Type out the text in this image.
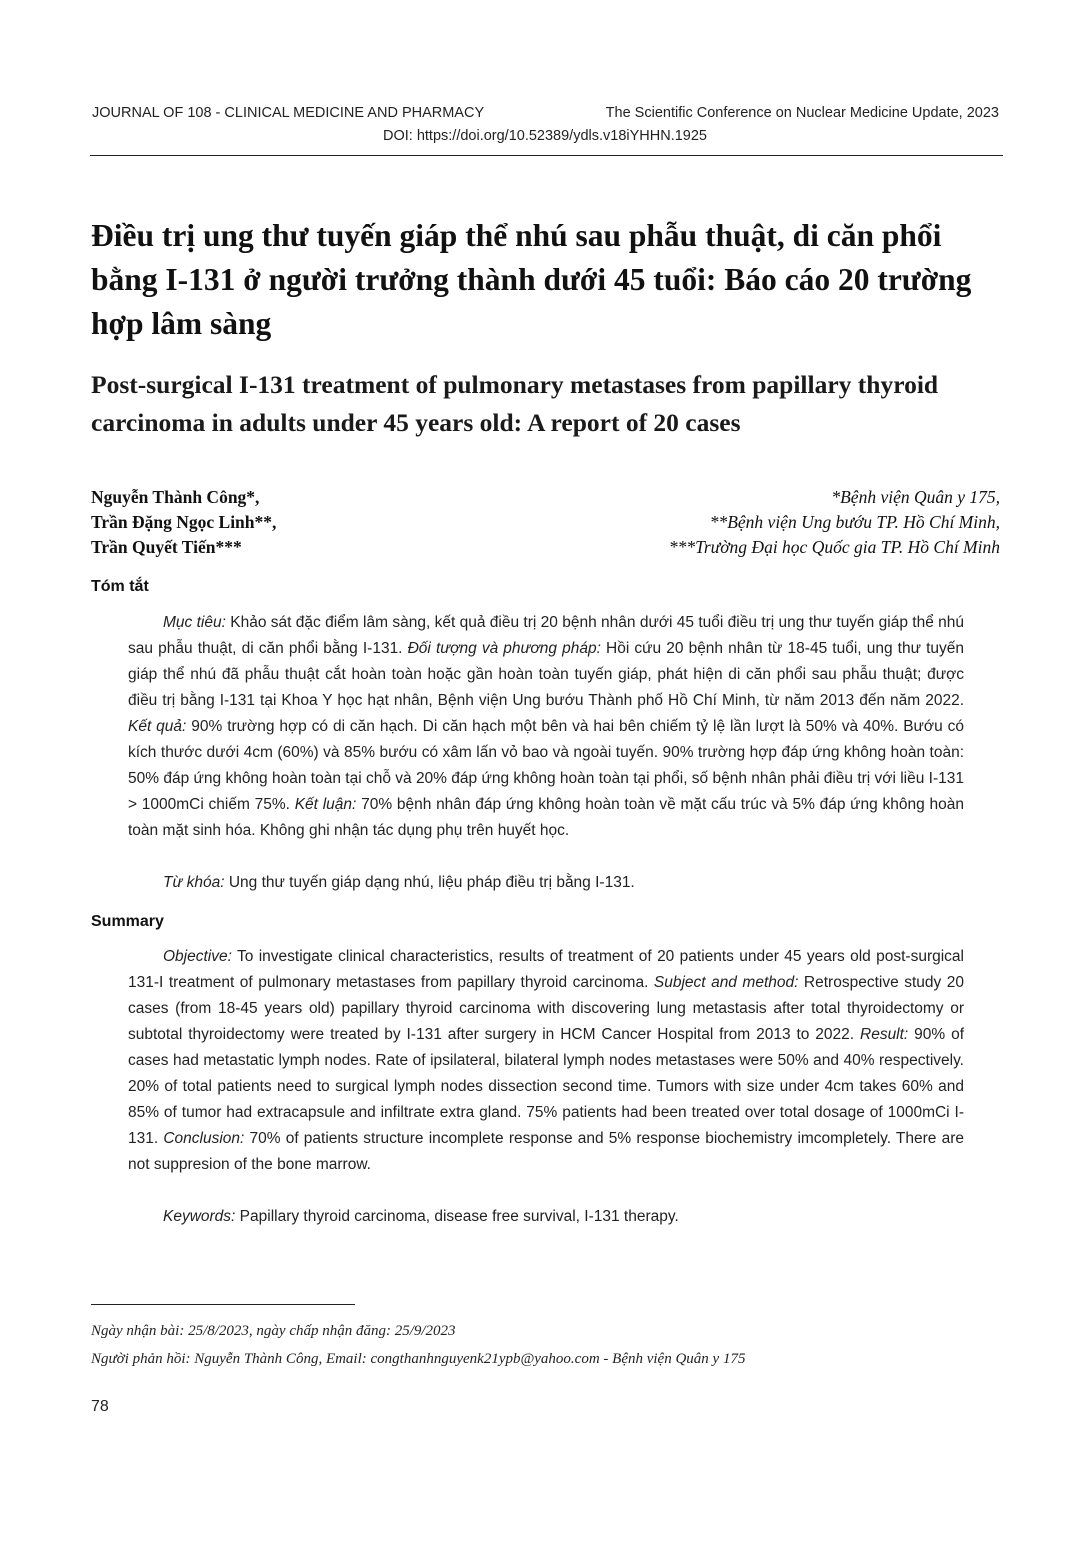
JOURNAL OF 108 - CLINICAL MEDICINE AND PHARMACY	The Scientific Conference on Nuclear Medicine Update, 2023
DOI: https://doi.org/10.52389/ydls.v18iYHHN.1925
Điều trị ung thư tuyến giáp thể nhú sau phẫu thuật, di căn phổi bằng I-131 ở người trưởng thành dưới 45 tuổi: Báo cáo 20 trường hợp lâm sàng
Post-surgical I-131 treatment of pulmonary metastases from papillary thyroid carcinoma in adults under 45 years old: A report of 20 cases
Nguyễn Thành Công*,
Trần Đặng Ngọc Linh**,
Trần Quyết Tiến***
*Bệnh viện Quân y 175,
**Bệnh viện Ung bướu TP. Hồ Chí Minh,
***Trường Đại học Quốc gia TP. Hồ Chí Minh
Tóm tắt

Mục tiêu: Khảo sát đặc điểm lâm sàng, kết quả điều trị 20 bệnh nhân dưới 45 tuổi điều trị ung thư tuyến giáp thể nhú sau phẫu thuật, di căn phổi bằng I-131. Đối tượng và phương pháp: Hồi cứu 20 bệnh nhân từ 18-45 tuổi, ung thư tuyến giáp thể nhú đã phẫu thuật cắt hoàn toàn hoặc gần hoàn toàn tuyến giáp, phát hiện di căn phổi sau phẫu thuật; được điều trị bằng I-131 tại Khoa Y học hạt nhân, Bệnh viện Ung bướu Thành phố Hồ Chí Minh, từ năm 2013 đến năm 2022. Kết quả: 90% trường hợp có di căn hạch. Di căn hạch một bên và hai bên chiếm tỷ lệ lần lượt là 50% và 40%. Bướu có kích thước dưới 4cm (60%) và 85% bướu có xâm lấn vỏ bao và ngoài tuyến. 90% trường hợp đáp ứng không hoàn toàn: 50% đáp ứng không hoàn toàn tại chỗ và 20% đáp ứng không hoàn toàn tại phổi, số bệnh nhân phải điều trị với liều I-131 > 1000mCi chiếm 75%. Kết luận: 70% bệnh nhân đáp ứng không hoàn toàn về mặt cấu trúc và 5% đáp ứng không hoàn toàn mặt sinh hóa. Không ghi nhận tác dụng phụ trên huyết học.

Từ khóa: Ung thư tuyến giáp dạng nhú, liệu pháp điều trị bằng I-131.

Summary

Objective: To investigate clinical characteristics, results of treatment of 20 patients under 45 years old post-surgical 131-I treatment of pulmonary metastases from papillary thyroid carcinoma. Subject and method: Retrospective study 20 cases (from 18-45 years old) papillary thyroid carcinoma with discovering lung metastasis after total thyroidectomy or subtotal thyroidectomy were treated by I-131 after surgery in HCM Cancer Hospital from 2013 to 2022. Result: 90% of cases had metastatic lymph nodes. Rate of ipsilateral, bilateral lymph nodes metastases were 50% and 40% respectively. 20% of total patients need to surgical lymph nodes dissection second time. Tumors with size under 4cm takes 60% and 85% of tumor had extracapsule and infiltrate extra gland. 75% patients had been treated over total dosage of 1000mCi I-131. Conclusion: 70% of patients structure incomplete response and 5% response biochemistry imcompletely. There are not suppresion of the bone marrow.

Keywords: Papillary thyroid carcinoma, disease free survival, I-131 therapy.

Ngày nhận bài: 25/8/2023, ngày chấp nhận đăng: 25/9/2023

Người phản hồi: Nguyễn Thành Công, Email: congthanhnguyenk21ypb@yahoo.com - Bệnh viện Quân y 175

78
